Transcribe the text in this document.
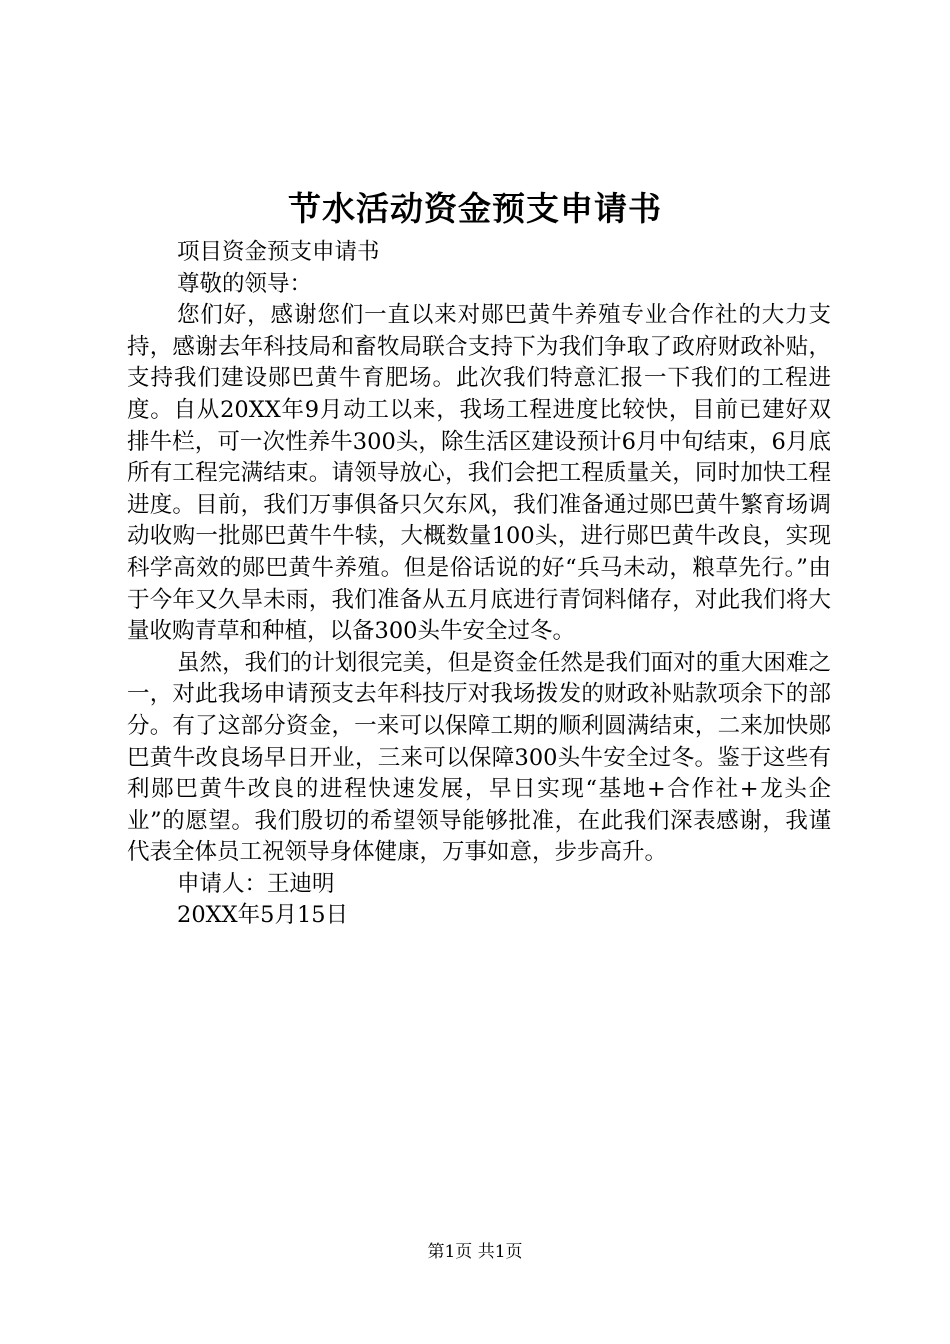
节水活动资金预支申请书

项目资金预支申请书

尊敬的领导：

您们好，感谢您们一直以来对郧巴黄牛养殖专业合作社的大力支持，感谢去年科技局和畜牧局联合支持下为我们争取了政府财政补贴，支持我们建设郧巴黄牛育肥场。此次我们特意汇报一下我们的工程进度。自从20XX年9月动工以来，我场工程进度比较快，目前已建好双排牛栏，可一次性养牛300头，除生活区建设预计6月中旬结束，6月底所有工程完满结束。请领导放心，我们会把工程质量关，同时加快工程进度。目前，我们万事俱备只欠东风，我们准备通过郧巴黄牛繁育场调动收购一批郧巴黄牛牛犊，大概数量100头，进行郧巴黄牛改良，实现科学高效的郧巴黄牛养殖。但是俗话说的好“兵马未动，粮草先行。”由于今年又久旱未雨，我们准备从五月底进行青饲料储存，对此我们将大量收购青草和种植，以备300头牛安全过冬。

虽然，我们的计划很完美，但是资金任然是我们面对的重大困难之一，对此我场申请预支去年科技厅对我场拨发的财政补贴款项余下的部分。有了这部分资金，一来可以保障工期的顺利圆满结束，二来加快郧巴黄牛改良场早日开业，三来可以保障300头牛安全过冬。鉴于这些有利郧巴黄牛改良的进程快速发展，早日实现“基地+合作社+龙头企业”的愿望。我们殷切的希望领导能够批准，在此我们深表感谢，我谨代表全体员工祝领导身体健康，万事如意，步步高升。

申请人：王迪明

20XX年5月15日

第1页 共1页
